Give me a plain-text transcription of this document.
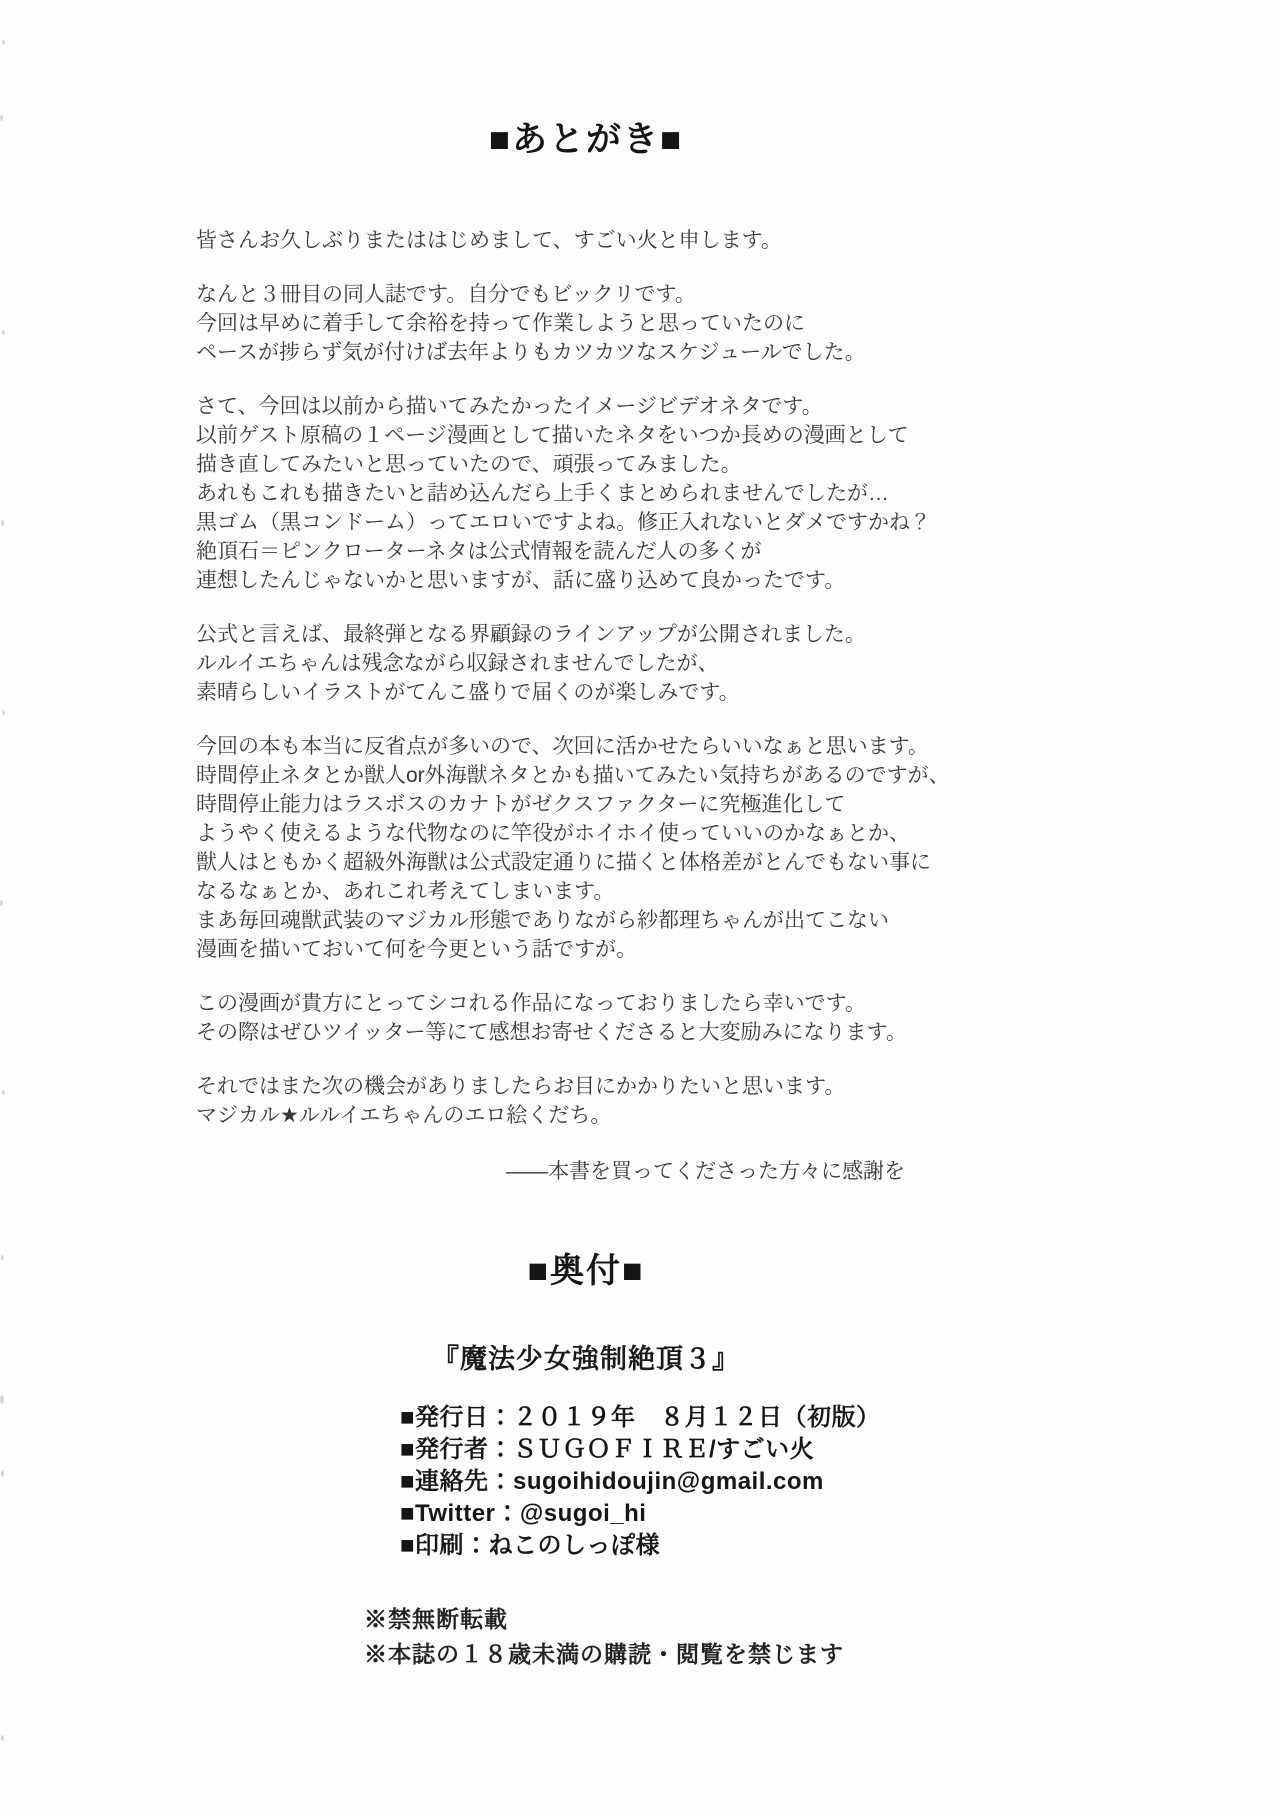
■あとがき■
皆さんお久しぶりまたははじめまして、すごい火と申します。
なんと３冊目の同人誌です。自分でもビックリです。
今回は早めに着手して余裕を持って作業しようと思っていたのに
ペースが捗らず気が付けば去年よりもカツカツなスケジュールでした。
さて、今回は以前から描いてみたかったイメージビデオネタです。
以前ゲスト原稿の１ページ漫画として描いたネタをいつか長めの漫画として
描き直してみたいと思っていたので、頑張ってみました。
あれもこれも描きたいと詰め込んだら上手くまとめられませんでしたが…
黒ゴム（黒コンドーム）ってエロいですよね。修正入れないとダメですかね？
絶頂石＝ピンクローターネタは公式情報を読んだ人の多くが
連想したんじゃないかと思いますが、話に盛り込めて良かったです。
公式と言えば、最終弾となる界顧録のラインアップが公開されました。
ルルイエちゃんは残念ながら収録されませんでしたが、
素晴らしいイラストがてんこ盛りで届くのが楽しみです。
今回の本も本当に反省点が多いので、次回に活かせたらいいなぁと思います。
時間停止ネタとか獣人or外海獣ネタとかも描いてみたい気持ちがあるのですが、
時間停止能力はラスボスのカナトがゼクスファクターに究極進化して
ようやく使えるような代物なのに竿役がホイホイ使っていいのかなぁとか、
獣人はともかく超級外海獣は公式設定通りに描くと体格差がとんでもない事に
なるなぁとか、あれこれ考えてしまいます。
まあ毎回魂獣武装のマジカル形態でありながら紗都理ちゃんが出てこない
漫画を描いておいて何を今更という話ですが。
この漫画が貴方にとってシコれる作品になっておりましたら幸いです。
その際はぜひツイッター等にて感想お寄せくださると大変励みになります。
それではまた次の機会がありましたらお目にかかりたいと思います。
マジカル★ルルイエちゃんのエロ絵くだち。
――本書を買ってくださった方々に感謝を
■奥付■
『魔法少女強制絶頂３』
■発行日：２０１９年　８月１２日（初版）
■発行者：ＳＵＧＯＦＩＲＥ/すごい火
■連絡先：sugoihidoujin@gmail.com
■Twitter：@sugoi_hi
■印刷：ねこのしっぽ様
※禁無断転載
※本誌の１８歳未満の購読・閲覧を禁じます
